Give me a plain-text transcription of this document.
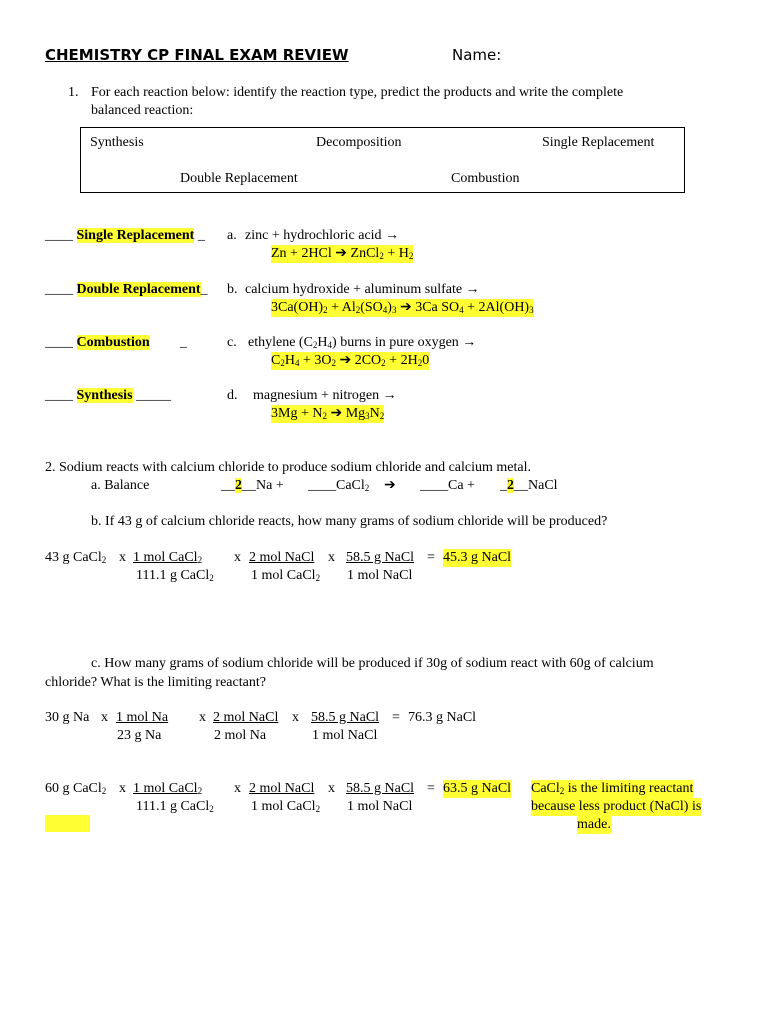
CHEMISTRY CP FINAL EXAM REVIEW	Name:
1. For each reaction below: identify the reaction type, predict the products and write the complete
balanced reaction:
Synthesis	Decomposition	Single Replacement
Double Replacement	Combustion
____ Single Replacement _ a. zinc + hydrochloric acid →
Zn + 2HCl ➔ ZnCl$_2$ + $H_2$
____ Double Replacement_ b. calcium hydroxide + aluminum sulfate →
$3Ca(OH)_2 + Al_2(SO_4)_3$ ➔ 3Ca $SO_4 + 2Al(OH)_3$
____ Combustion _	c. ethylene $(C_2H_4)$ burns in pure oxygen →
$C_2H_4 + 3O_2$ ➔ $2CO_2 + 2H_20$
____ Synthesis _____	d. magnesium + nitrogen →
$3Mg + N_2$ ➔ $Mg_3N_2$
2. Sodium reacts with calcium chloride to produce sodium chloride and calcium metal.
a. Balance	__2__Na + ____CaCl$_2$ ➔ ____Ca + _2__NaCl
b. If 43 g of calcium chloride reacts, how many grams of sodium chloride will be produced?
43 g CaCl$_2$ x 1 mol CaCl$_2$
111.1 g CaCl$_2$
x 2 mol NaCl
1 mol CaCl$_2$
x 58.5 g NaCl
1 mol NaCl
= 45.3 g NaCl
c. How many grams of sodium chloride will be produced if 30g of sodium react with 60g of calcium
chloride? What is the limiting reactant?
30 g Na x 1 mol Na
23 g Na
x 2 mol NaCl
2 mol Na
x 58.5 g NaCl
1 mol NaCl
= 76.3 g NaCl
60 g CaCl$_2$ x 1 mol CaCl$_2$
111.1 g CaCl$_2$
x 2 mol NaCl
1 mol CaCl$_2$
x 58.5 g NaCl
1 mol NaCl
= 63.5 g NaCl CaCl$_2$ is the limiting reactant
because less product (NaCl) is
made.
